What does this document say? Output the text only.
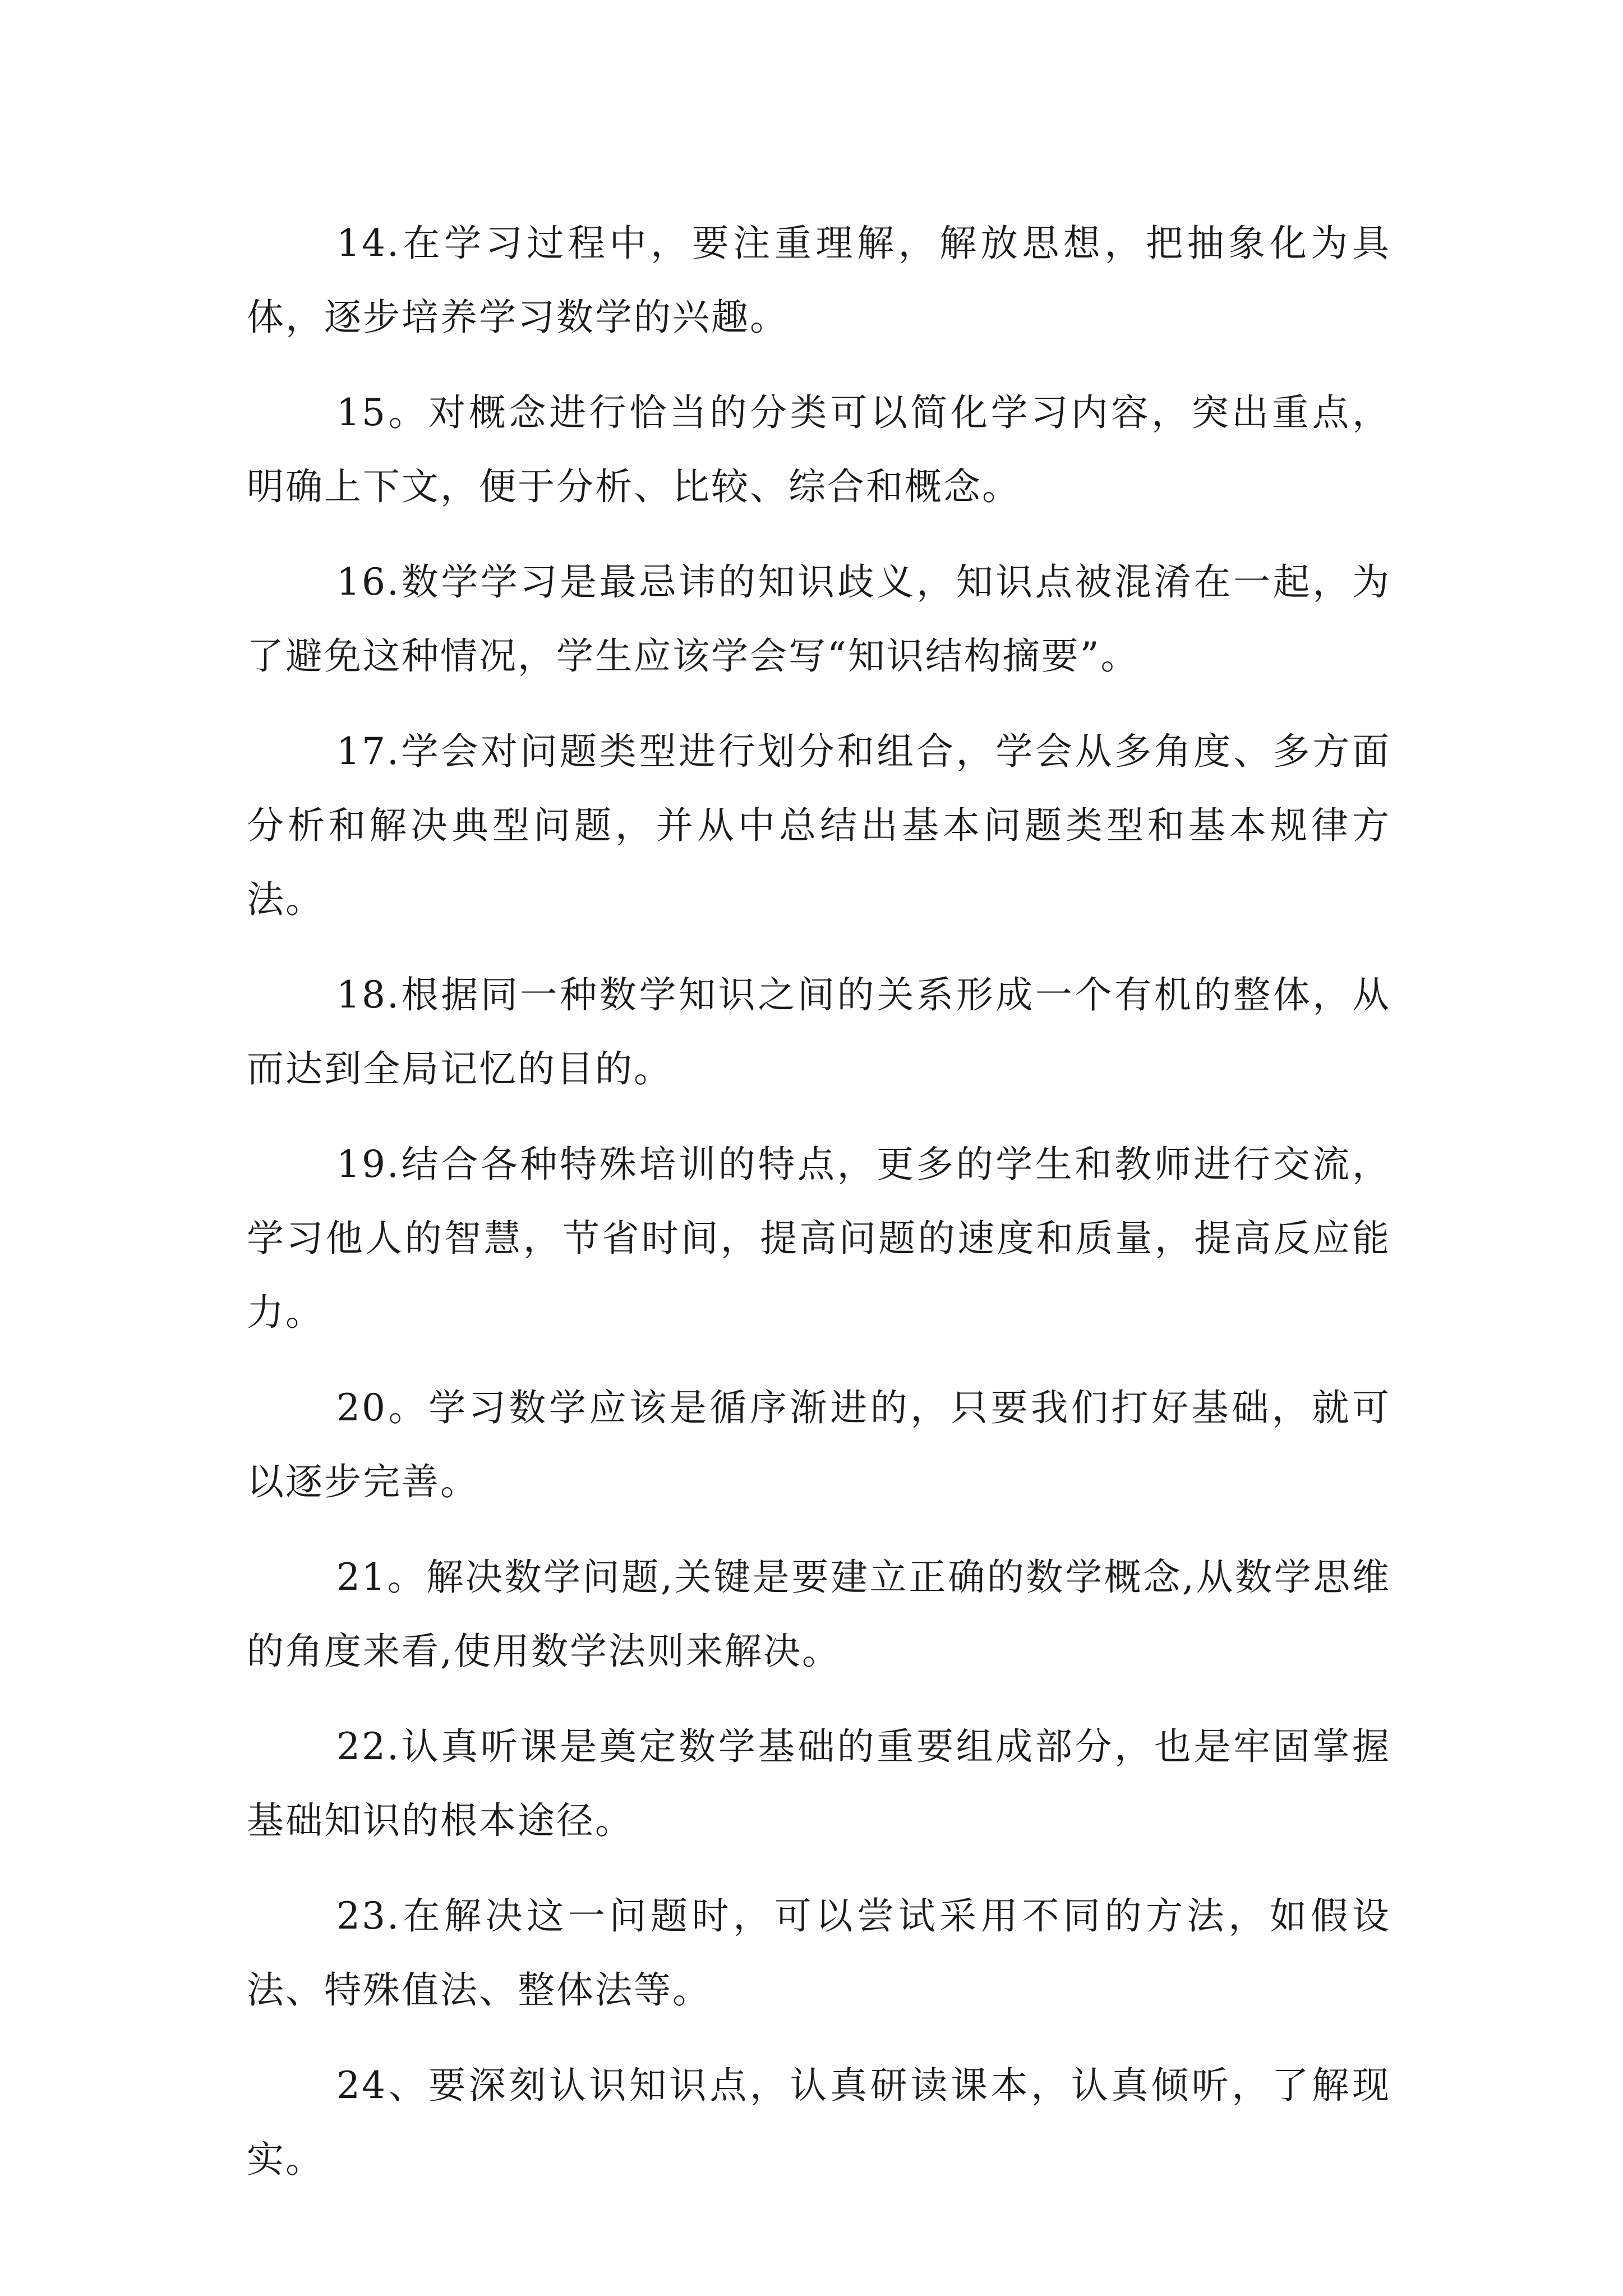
14.在学习过程中，要注重理解，解放思想，把抽象化为具体，逐步培养学习数学的兴趣。

15。对概念进行恰当的分类可以简化学习内容，突出重点，明确上下文，便于分析、比较、综合和概念。

16.数学学习是最忌讳的知识歧义，知识点被混淆在一起，为了避免这种情况，学生应该学会写“知识结构摘要”。

17.学会对问题类型进行划分和组合，学会从多角度、多方面分析和解决典型问题，并从中总结出基本问题类型和基本规律方法。

18.根据同一种数学知识之间的关系形成一个有机的整体，从而达到全局记忆的目的。

19.结合各种特殊培训的特点，更多的学生和教师进行交流，学习他人的智慧，节省时间，提高问题的速度和质量，提高反应能力。

20。学习数学应该是循序渐进的，只要我们打好基础，就可以逐步完善。

21。解决数学问题,关键是要建立正确的数学概念,从数学思维的角度来看,使用数学法则来解决。

22.认真听课是奠定数学基础的重要组成部分，也是牢固掌握基础知识的根本途径。

23.在解决这一问题时，可以尝试采用不同的方法，如假设法、特殊值法、整体法等。

24、要深刻认识知识点，认真研读课本，认真倾听，了解现实。
